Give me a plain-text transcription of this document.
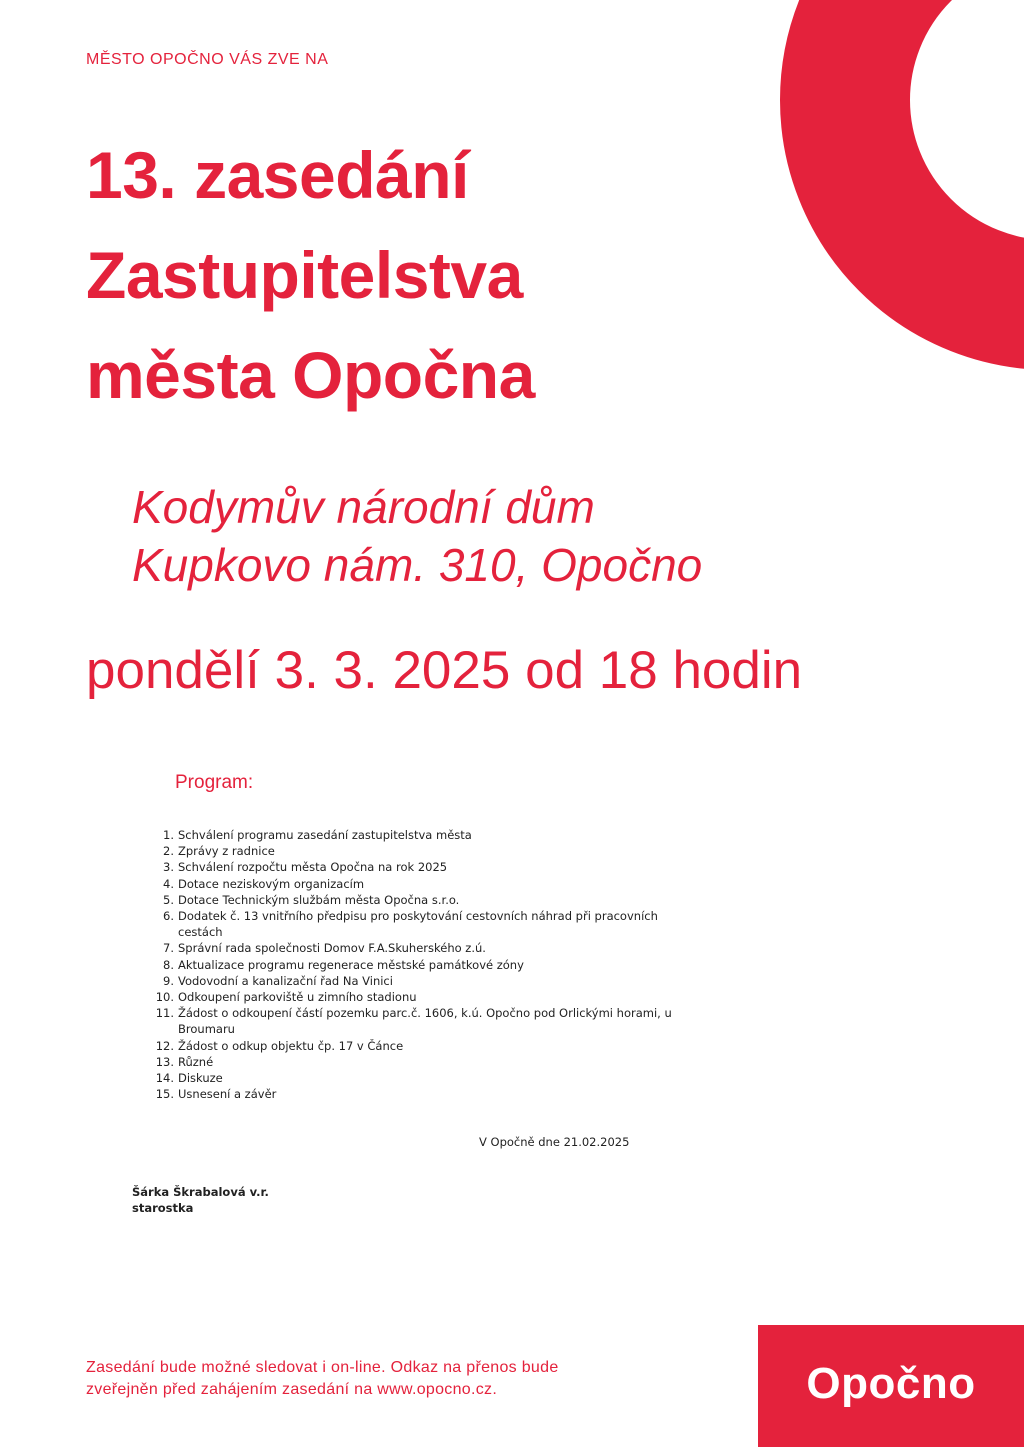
MĚSTO OPOČNO VÁS ZVE NA
13. zasedání
Zastupitelstva
města Opočna
Kodymův národní dům
Kupkovo nám. 310, Opočno
pondělí 3. 3. 2025 od 18 hodin
Program:
1. Schválení programu zasedání zastupitelstva města
2. Zprávy z radnice
3. Schválení rozpočtu města Opočna na rok 2025
4. Dotace neziskovým organizacím
5. Dotace Technickým službám města Opočna s.r.o.
6. Dodatek č. 13 vnitřního předpisu pro poskytování cestovních náhrad při pracovních cestách
7. Správní rada společnosti Domov F.A.Skuherského z.ú.
8. Aktualizace programu regenerace městské památkové zóny
9. Vodovodní a kanalizační řad Na Vinici
10. Odkoupení parkoviště u zimního stadionu
11. Žádost o odkoupení částí pozemku parc.č. 1606, k.ú. Opočno pod Orlickými horami, u Broumaru
12. Žádost o odkup objektu čp. 17 v Čánce
13. Různé
14. Diskuze
15. Usnesení a závěr
V Opočně dne 21.02.2025
Šárka Škrabalová v.r.
starostka
Zasedání bude možné sledovat i on-line. Odkaz na přenos bude
zveřejněn před zahájením zasedání na www.opocno.cz.	Opočno
